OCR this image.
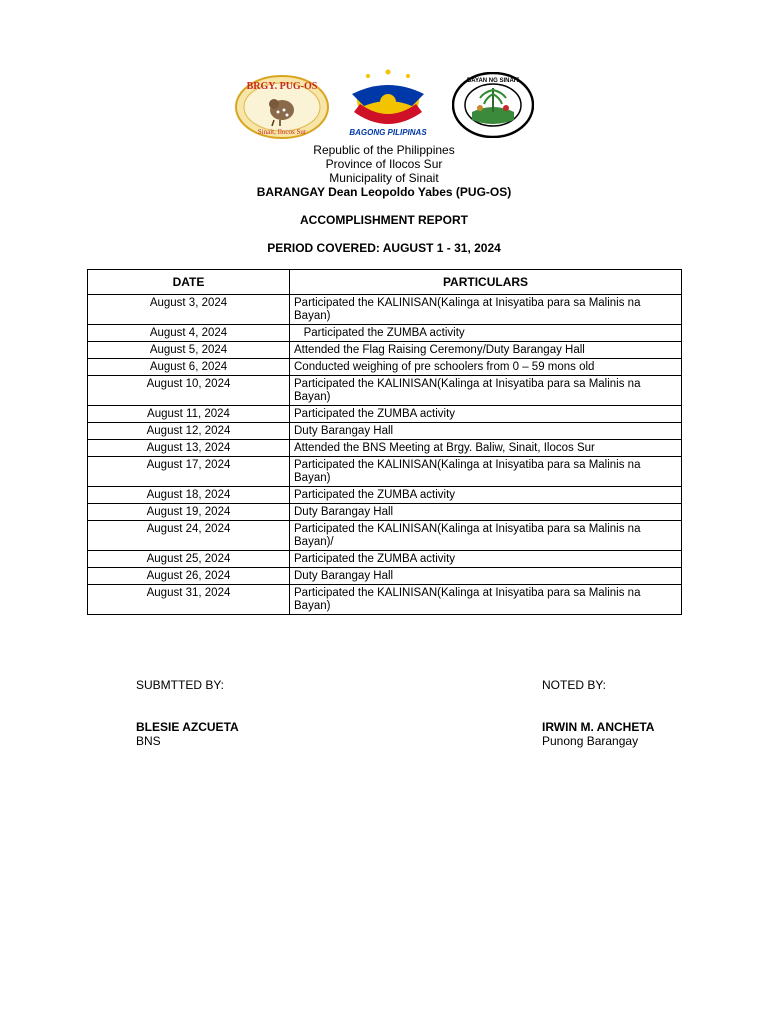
BRGY. PUG-OS
Sinait, Ilocos Sur	BAGONG PILIPINAS
BAYAN NG SINAIT
Republic of the Philippines
Province of Ilocos Sur
Municipality of Sinait
BARANGAY Dean Leopoldo Yabes (PUG-OS)
ACCOMPLISHMENT REPORT
PERIOD COVERED: AUGUST 1 - 31, 2024
DATE	PARTICULARS
August 3, 2024	Participated the KALINISAN(Kalinga at Inisyatiba para sa Malinis na Bayan)
August 4, 2024	Participated the ZUMBA activity
August 5, 2024	Attended the Flag Raising Ceremony/Duty Barangay Hall
August 6, 2024	Conducted weighing of pre schoolers from 0 – 59 mons old
August 10, 2024	Participated the KALINISAN(Kalinga at Inisyatiba para sa Malinis na Bayan)
August 11, 2024	Participated the ZUMBA activity
August 12, 2024	Duty Barangay Hall
August 13, 2024	Attended the BNS Meeting at Brgy. Baliw, Sinait, Ilocos Sur
August 17, 2024	Participated the KALINISAN(Kalinga at Inisyatiba para sa Malinis na Bayan)
August 18, 2024	Participated the ZUMBA activity
August 19, 2024	Duty Barangay Hall
August 24, 2024	Participated the KALINISAN(Kalinga at Inisyatiba para sa Malinis na Bayan)/
August 25, 2024	Participated the ZUMBA activity
August 26, 2024	Duty Barangay Hall
August 31, 2024	Participated the KALINISAN(Kalinga at Inisyatiba para sa Malinis na Bayan)
SUBMTTED BY:
BLESIE AZCUETA
BNS
NOTED BY:
IRWIN M. ANCHETA
Punong Barangay
